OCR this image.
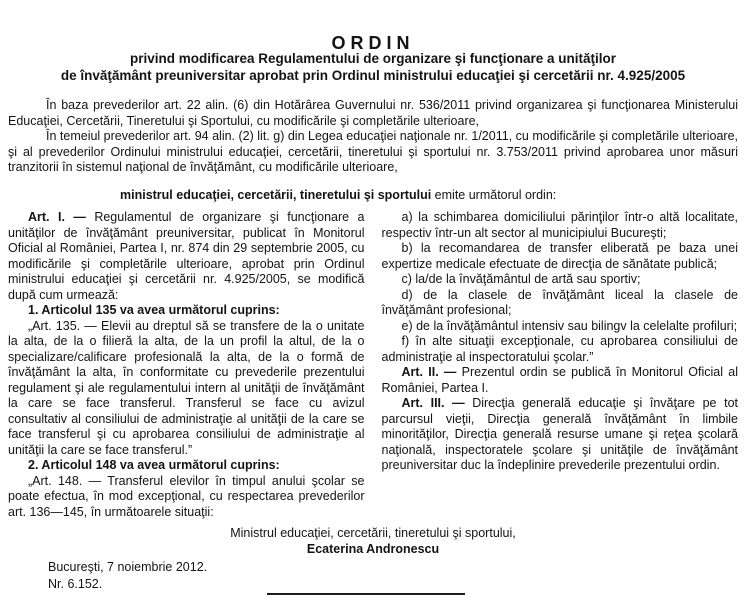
ORDIN

privind modificarea Regulamentului de organizare şi funcţionare a unităţilor

de învăţământ preuniversitar aprobat prin Ordinul ministrului educaţiei şi cercetării nr. 4.925/2005

În baza prevederilor art. 22 alin. (6) din Hotărârea Guvernului nr. 536/2011 privind organizarea şi funcţionarea Ministerului Educaţiei, Cercetării, Tineretului şi Sportului, cu modificările şi completările ulterioare,

În temeiul prevederilor art. 94 alin. (2) lit. g) din Legea educaţiei naţionale nr. 1/2011, cu modificările şi completările ulterioare, şi al prevederilor Ordinului ministrului educaţiei, cercetării, tineretului şi sportului nr. 3.753/2011 privind aprobarea unor măsuri tranzitorii în sistemul naţional de învăţământ, cu modificările ulterioare,

ministrul educaţiei, cercetării, tineretului şi sportului emite următorul ordin:

Art. I. — Regulamentul de organizare şi funcţionare a unităţilor de învăţământ preuniversitar, publicat în Monitorul Oficial al României, Partea I, nr. 874 din 29 septembrie 2005, cu modificările şi completările ulterioare, aprobat prin Ordinul ministrului educaţiei şi cercetării nr. 4.925/2005, se modifică după cum urmează:

1. Articolul 135 va avea următorul cuprins:

„Art. 135. — Elevii au dreptul să se transfere de la o unitate la alta, de la o filieră la alta, de la un profil la altul, de la o specializare/calificare profesională la alta, de la o formă de învăţământ la alta, în conformitate cu prevederile prezentului regulament şi ale regulamentului intern al unităţii de învăţământ la care se face transferul. Transferul se face cu avizul consultativ al consiliului de administraţie al unităţii de la care se face transferul şi cu aprobarea consiliului de administraţie al unităţii la care se face transferul.”

2. Articolul 148 va avea următorul cuprins:

„Art. 148. — Transferul elevilor în timpul anului şcolar se poate efectua, în mod excepţional, cu respectarea prevederilor art. 136—145, în următoarele situaţii:

a) la schimbarea domiciliului părinţilor într-o altă localitate, respectiv într-un alt sector al municipiului Bucureşti;

b) la recomandarea de transfer eliberată pe baza unei expertize medicale efectuate de direcţia de sănătate publică;

c) la/de la învăţământul de artă sau sportiv;

d) de la clasele de învăţământ liceal la clasele de învăţământ profesional;

e) de la învăţământul intensiv sau bilingv la celelalte profiluri;

f) în alte situaţii excepţionale, cu aprobarea consiliului de administraţie al inspectoratului şcolar.”

Art. II. — Prezentul ordin se publică în Monitorul Oficial al României, Partea I.

Art. III. — Direcţia generală educaţie şi învăţare pe tot parcursul vieţii, Direcţia generală învăţământ în limbile minorităţilor, Direcţia generală resurse umane şi reţea şcolară naţională, inspectoratele şcolare şi unităţile de învăţământ preuniversitar duc la îndeplinire prevederile prezentului ordin.

Ministrul educaţiei, cercetării, tineretului şi sportului,
Ecaterina Andronescu
Bucureşti, 7 noiembrie 2012.
Nr. 6.152.
